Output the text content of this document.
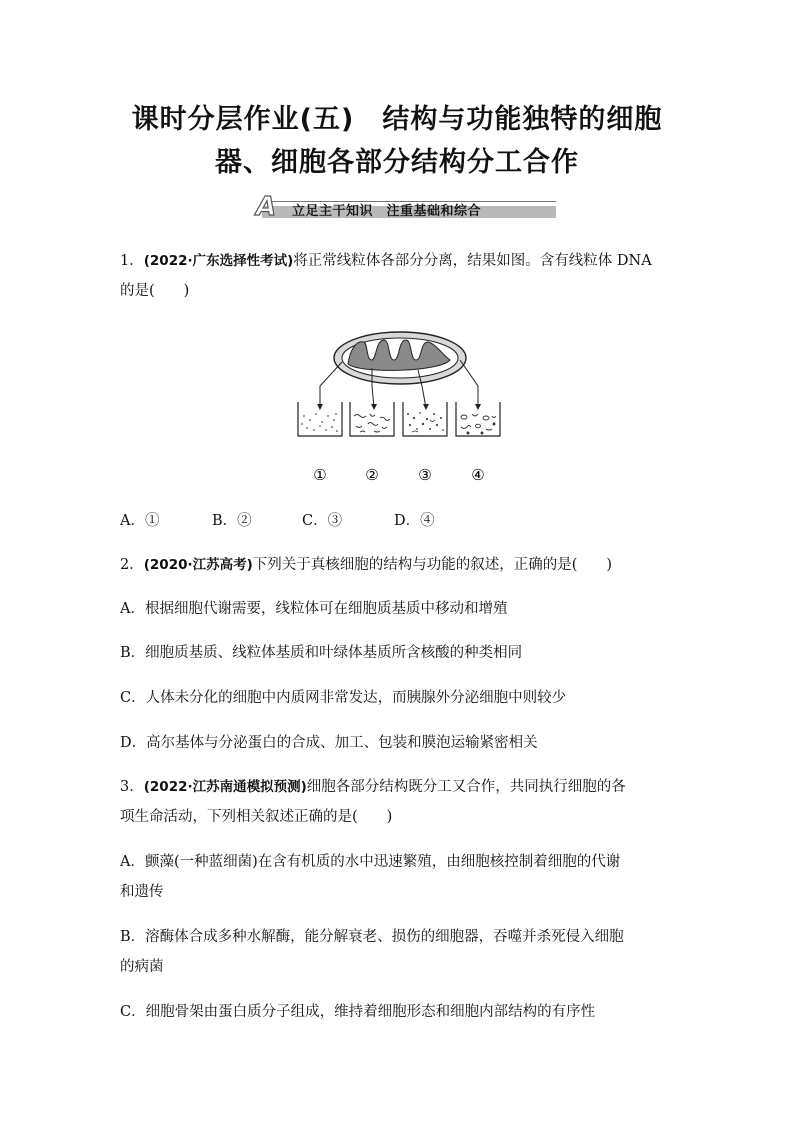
课时分层作业(五)　结构与功能独特的细胞
器、细胞各部分结构分工合作
A 立足主干知识　注重基础和综合

1．(2022·广东选择性考试)将正常线粒体各部分分离，结果如图。含有线粒体 DNA

的是(　　)

①	②	③	④
A．①	B．②	C．③	D．④

2．(2020·江苏高考)下列关于真核细胞的结构与功能的叙述，正确的是(　　)

A．根据细胞代谢需要，线粒体可在细胞质基质中移动和增殖

B．细胞质基质、线粒体基质和叶绿体基质所含核酸的种类相同

C．人体未分化的细胞中内质网非常发达，而胰腺外分泌细胞中则较少

D．高尔基体与分泌蛋白的合成、加工、包装和膜泡运输紧密相关

3．(2022·江苏南通模拟预测)细胞各部分结构既分工又合作，共同执行细胞的各

项生命活动，下列相关叙述正确的是(　　)

A．颤藻(一种蓝细菌)在含有机质的水中迅速繁殖，由细胞核控制着细胞的代谢

和遗传

B．溶酶体合成多种水解酶，能分解衰老、损伤的细胞器，吞噬并杀死侵入细胞

的病菌

C．细胞骨架由蛋白质分子组成，维持着细胞形态和细胞内部结构的有序性
